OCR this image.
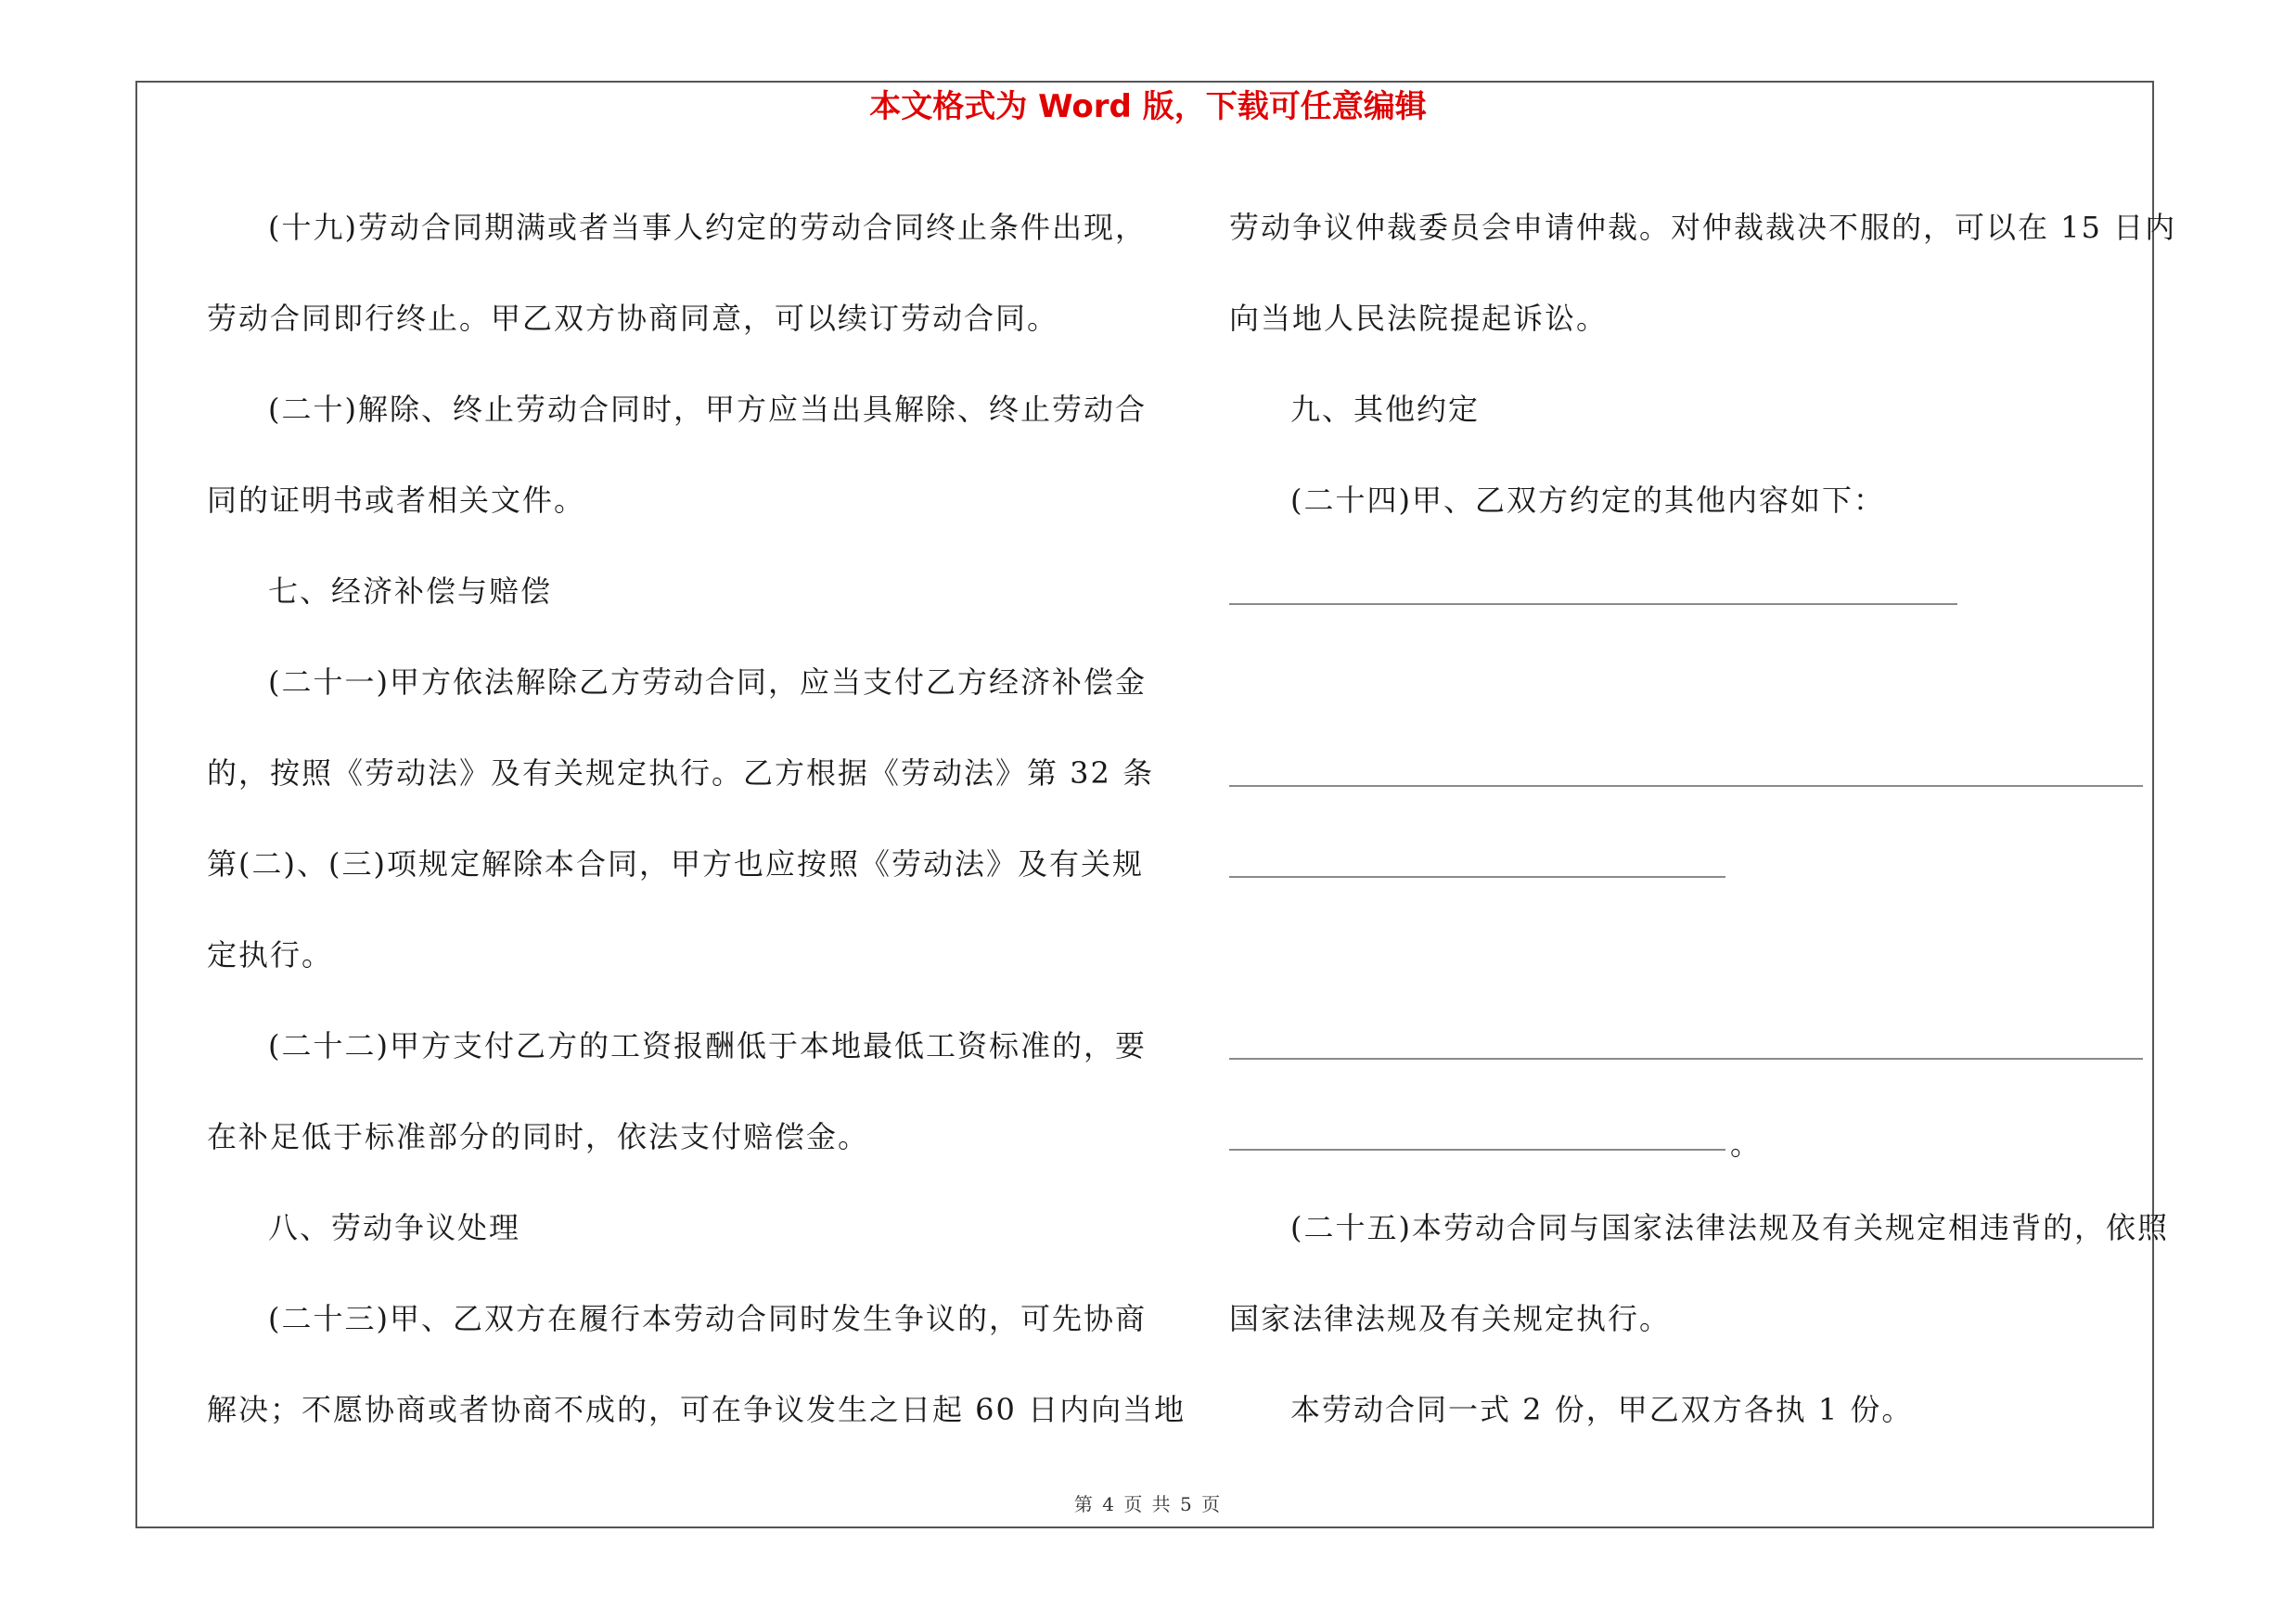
本文格式为 Word 版，下载可任意编辑

(十九)劳动合同期满或者当事人约定的劳动合同终止条件出现，

劳动合同即行终止。甲乙双方协商同意，可以续订劳动合同。

(二十)解除、终止劳动合同时，甲方应当出具解除、终止劳动合

同的证明书或者相关文件。

七、经济补偿与赔偿

(二十一)甲方依法解除乙方劳动合同，应当支付乙方经济补偿金

的，按照《劳动法》及有关规定执行。乙方根据《劳动法》第 32 条

第(二)、(三)项规定解除本合同，甲方也应按照《劳动法》及有关规

定执行。

(二十二)甲方支付乙方的工资报酬低于本地最低工资标准的，要

在补足低于标准部分的同时，依法支付赔偿金。

八、劳动争议处理

(二十三)甲、乙双方在履行本劳动合同时发生争议的，可先协商

解决；不愿协商或者协商不成的，可在争议发生之日起 60 日内向当地

劳动争议仲裁委员会申请仲裁。对仲裁裁决不服的，可以在 15 日内

向当地人民法院提起诉讼。

九、其他约定

(二十四)甲、乙双方约定的其他内容如下：

。

(二十五)本劳动合同与国家法律法规及有关规定相违背的，依照

国家法律法规及有关规定执行。

本劳动合同一式 2 份，甲乙双方各执 1 份。

第 4 页 共 5 页
